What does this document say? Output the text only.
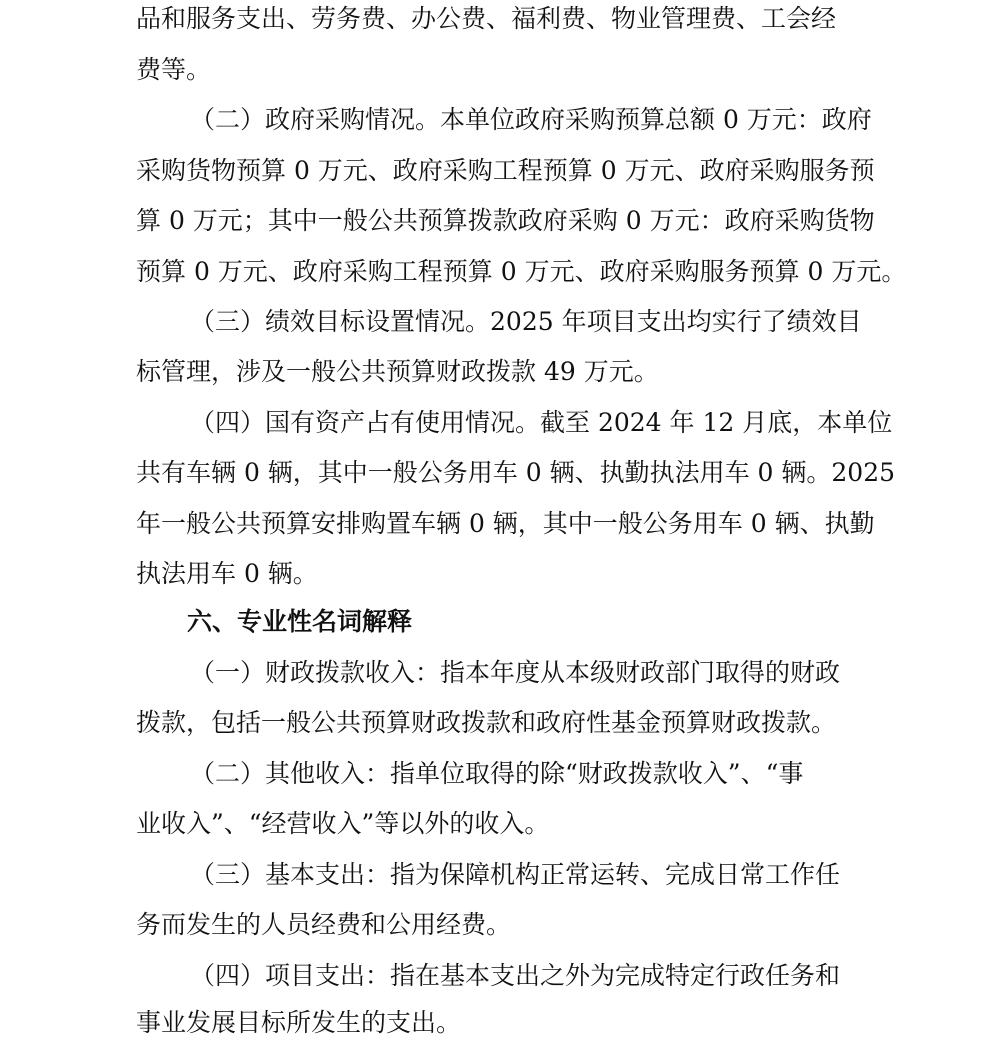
品和服务支出、劳务费、办公费、福利费、物业管理费、工会经
费等。
（二）政府采购情况。本单位政府采购预算总额 0 万元：政府
采购货物预算 0 万元、政府采购工程预算 0 万元、政府采购服务预
算 0 万元；其中一般公共预算拨款政府采购 0 万元：政府采购货物
预算 0 万元、政府采购工程预算 0 万元、政府采购服务预算 0 万元。
（三）绩效目标设置情况。2025 年项目支出均实行了绩效目
标管理，涉及一般公共预算财政拨款 49 万元。
（四）国有资产占有使用情况。截至 2024 年 12 月底，本单位
共有车辆 0 辆，其中一般公务用车 0 辆、执勤执法用车 0 辆。2025
年一般公共预算安排购置车辆 0 辆，其中一般公务用车 0 辆、执勤
执法用车 0 辆。
六、专业性名词解释
（一）财政拨款收入：指本年度从本级财政部门取得的财政
拨款，包括一般公共预算财政拨款和政府性基金预算财政拨款。
（二）其他收入：指单位取得的除“财政拨款收入”、“事
业收入”、“经营收入”等以外的收入。
（三）基本支出：指为保障机构正常运转、完成日常工作任
务而发生的人员经费和公用经费。
（四）项目支出：指在基本支出之外为完成特定行政任务和
事业发展目标所发生的支出。
